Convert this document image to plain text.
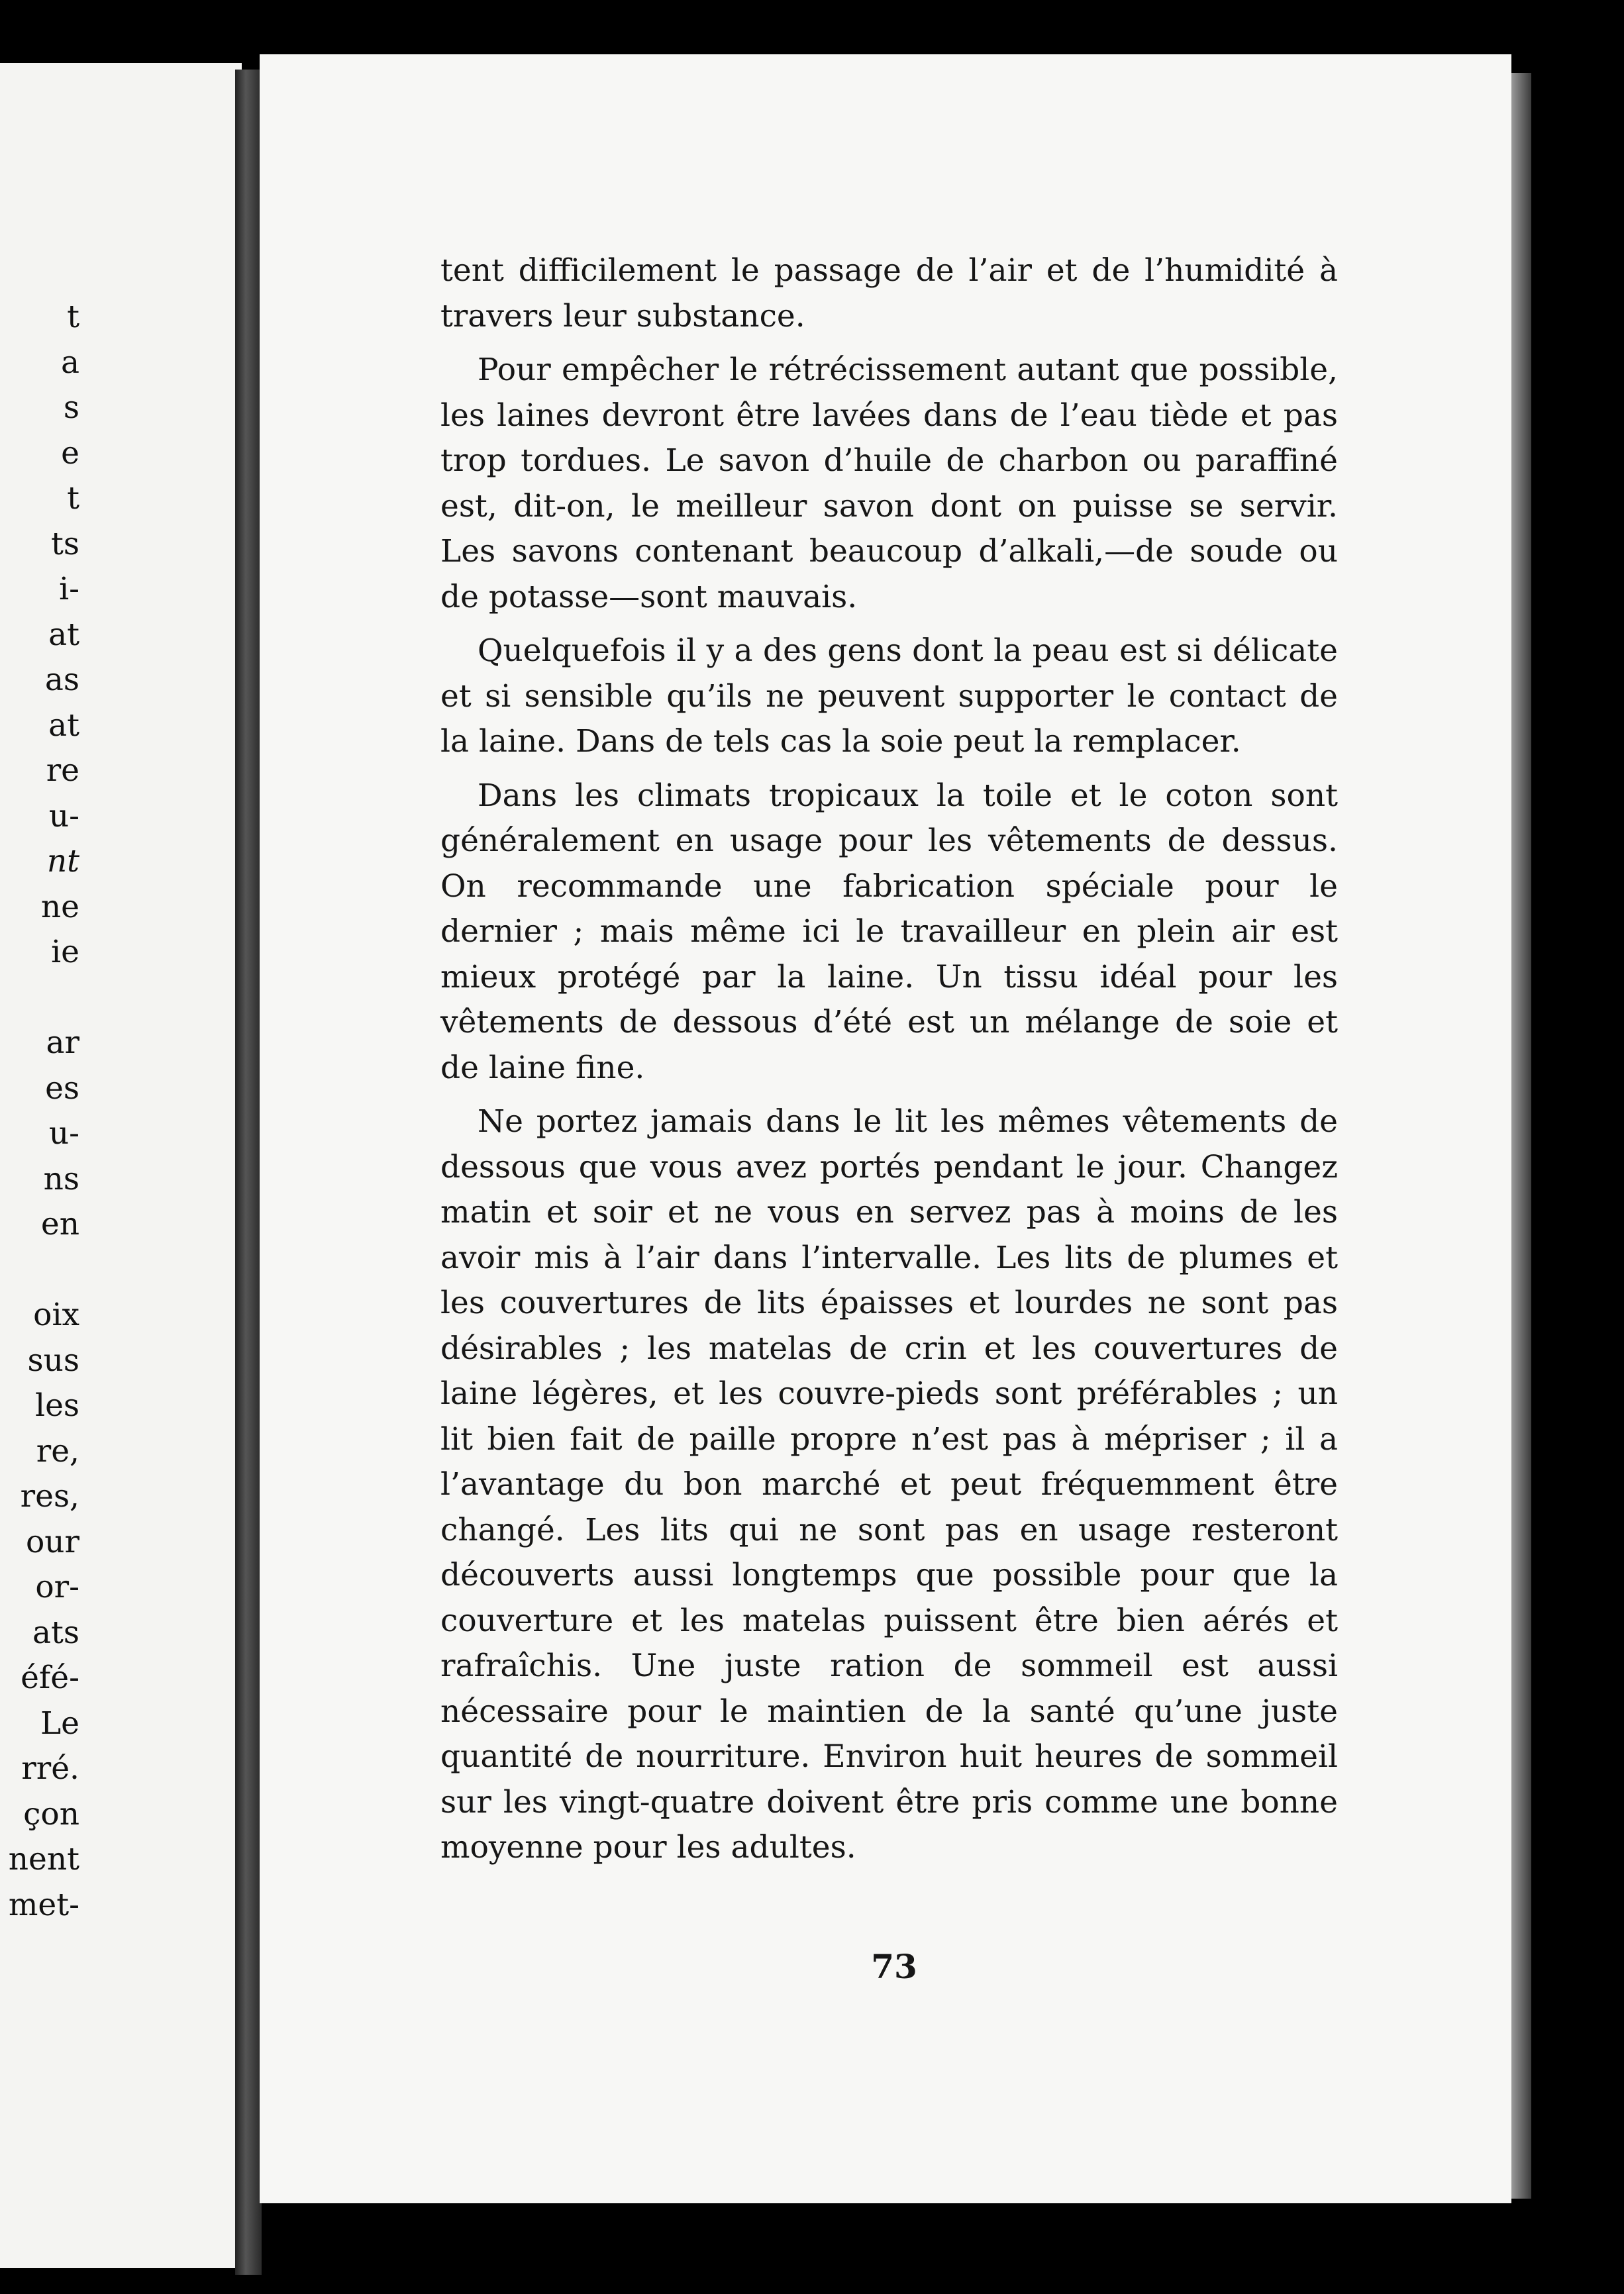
t
a
s
e
t
ts
i-
at
as
at
re
u-
nt
ne
ie

ar
es
u-
ns
en

oix
sus
les
re,
res,
our
or-
ats
éfé-
Le
rré.
çon
nent
met-

tent difficilement le passage de l’air et de l’humidité à travers leur substance.

Pour empêcher le rétrécissement autant que possible, les laines devront être lavées dans de l’eau tiède et pas trop tordues. Le savon d’huile de charbon ou paraffiné est, dit-on, le meilleur savon dont on puisse se servir. Les savons contenant beaucoup d’alkali,—de soude ou de potasse—sont mauvais.

Quelquefois il y a des gens dont la peau est si délicate et si sensible qu’ils ne peuvent supporter le contact de la laine. Dans de tels cas la soie peut la remplacer.

Dans les climats tropicaux la toile et le coton sont généralement en usage pour les vêtements de dessus. On recommande une fabrication spéciale pour le dernier ; mais même ici le travailleur en plein air est mieux protégé par la laine. Un tissu idéal pour les vêtements de dessous d’été est un mélange de soie et de laine fine.

Ne portez jamais dans le lit les mêmes vêtements de dessous que vous avez portés pendant le jour. Changez matin et soir et ne vous en servez pas à moins de les avoir mis à l’air dans l’intervalle. Les lits de plumes et les couvertures de lits épaisses et lourdes ne sont pas désirables ; les matelas de crin et les couvertures de laine légères, et les couvre-pieds sont préférables ; un lit bien fait de paille propre n’est pas à mépriser ; il a l’avantage du bon marché et peut fréquemment être changé. Les lits qui ne sont pas en usage resteront découverts aussi longtemps que possible pour que la couverture et les matelas puissent être bien aérés et rafraîchis. Une juste ration de sommeil est aussi nécessaire pour le maintien de la santé qu’une juste quantité de nourriture. Environ huit heures de sommeil sur les vingt-quatre doivent être pris comme une bonne moyenne pour les adultes.

73
